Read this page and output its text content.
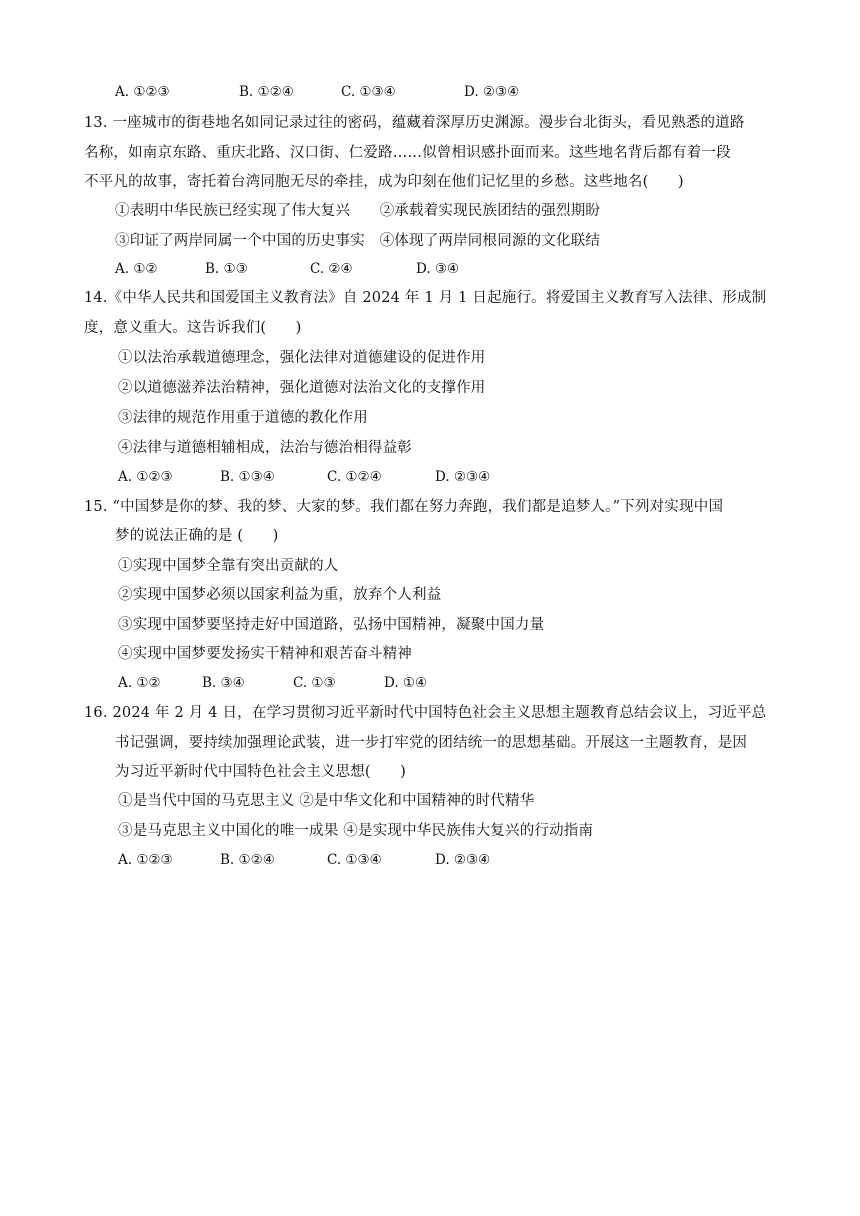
A. ①②③	B. ①②④	C. ①③④	D. ②③④
13. 一座城市的街巷地名如同记录过往的密码，蕴藏着深厚历史渊源。漫步台北街头，看见熟悉的道路
名称，如南京东路、重庆北路、汉口街、仁爱路……似曾相识感扑面而来。这些地名背后都有着一段
不平凡的故事，寄托着台湾同胞无尽的牵挂，成为印刻在他们记忆里的乡愁。这些地名(　　)
①表明中华民族已经实现了伟大复兴　　②承载着实现民族团结的强烈期盼
③印证了两岸同属一个中国的历史事实　④体现了两岸同根同源的文化联结
A. ①②	B. ①③	C. ②④	D. ③④
14.《中华人民共和国爱国主义教育法》自 2024 年 1 月 1 日起施行。将爱国主义教育写入法律、形成制
度，意义重大。这告诉我们(　　)
①以法治承载道德理念，强化法律对道德建设的促进作用
②以道德滋养法治精神，强化道德对法治文化的支撑作用
③法律的规范作用重于道德的教化作用
④法律与道德相辅相成，法治与德治相得益彰
A. ①②③	B. ①③④	C. ①②④	D. ②③④
15. “中国梦是你的梦、我的梦、大家的梦。我们都在努力奔跑，我们都是追梦人。”下列对实现中国
梦的说法正确的是 (　　)
①实现中国梦全靠有突出贡献的人
②实现中国梦必须以国家利益为重，放弃个人利益
③实现中国梦要坚持走好中国道路，弘扬中国精神，凝聚中国力量
④实现中国梦要发扬实干精神和艰苦奋斗精神
A. ①②	B. ③④	C. ①③	D. ①④
16. 2024 年 2 月 4 日，在学习贯彻习近平新时代中国特色社会主义思想主题教育总结会议上，习近平总
书记强调，要持续加强理论武装，进一步打牢党的团结统一的思想基础。开展这一主题教育，是因
为习近平新时代中国特色社会主义思想(　　)
①是当代中国的马克思主义 ②是中华文化和中国精神的时代精华
③是马克思主义中国化的唯一成果 ④是实现中华民族伟大复兴的行动指南
A. ①②③	B. ①②④	C. ①③④	D. ②③④
